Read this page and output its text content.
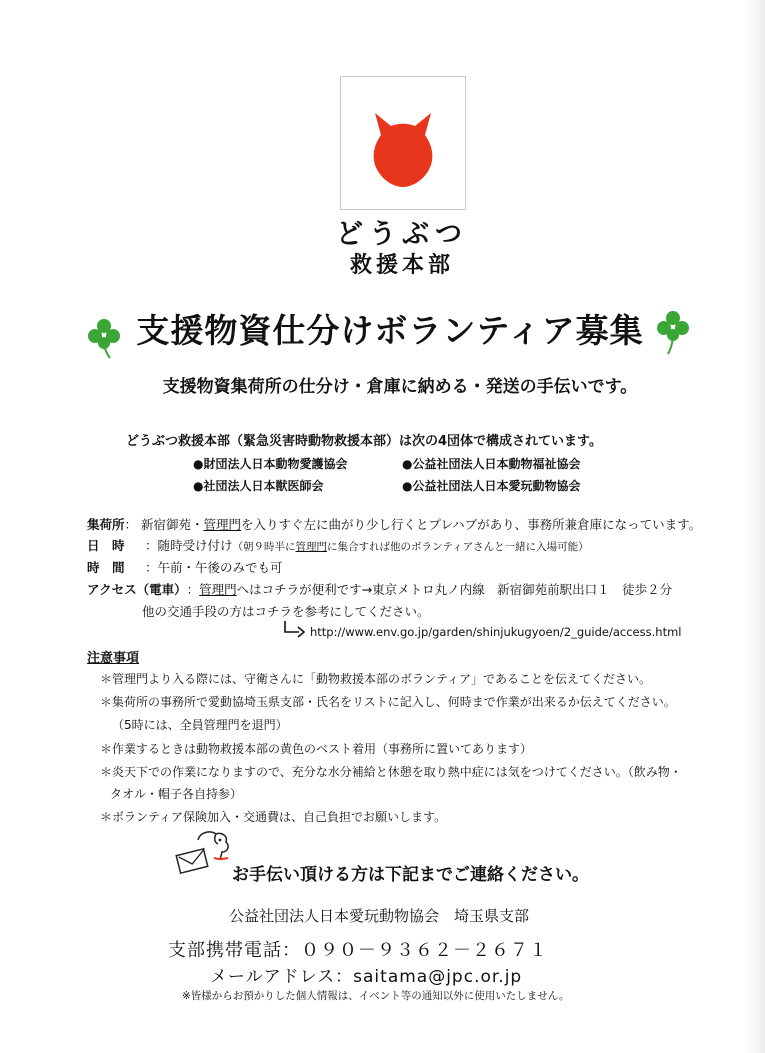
どうぶつ
救援本部
支援物資仕分けボランティア募集
支援物資集荷所の仕分け・倉庫に納める・発送の手伝いです。
どうぶつ救援本部（緊急災害時動物救援本部）は次の4団体で構成されています。
●財団法人日本動物愛護協会	●公益社団法人日本動物福祉協会
●社団法人日本獣医師会	●公益社団法人日本愛玩動物協会
集荷所： 新宿御苑・管理門を入りすぐ左に曲がり少し行くとプレハブがあり、事務所兼倉庫になっています。
日　時 ：随時受け付け（朝９時半に管理門に集合すれば他のボランティアさんと一緒に入場可能）
時　間 ：午前・午後のみでも可
アクセス（電車）：管理門へはコチラが便利です→東京メトロ丸ノ内線　新宿御苑前駅出口１　徒歩２分
他の交通手段の方はコチラを参考にしてください。
http://www.env.go.jp/garden/shinjukugyoen/2_guide/access.html
注意事項
＊管理門より入る際には、守衛さんに「動物救援本部のボランティア」であることを伝えてください。
＊集荷所の事務所で愛動協埼玉県支部・氏名をリストに記入し、何時まで作業が出来るか伝えてください。
（5時には、全員管理門を退門）
＊作業するときは動物救援本部の黄色のベスト着用（事務所に置いてあります）
＊炎天下での作業になりますので、充分な水分補給と休憩を取り熱中症には気をつけてください。（飲み物・
タオル・帽子各自持参）
＊ボランティア保険加入・交通費は、自己負担でお願いします。
お手伝い頂ける方は下記までご連絡ください。
公益社団法人日本愛玩動物協会　埼玉県支部
支部携帯電話：０９０－９３６２－２６７１
メールアドレス：saitama@jpc.or.jp
※皆様からお預かりした個人情報は、イベント等の通知以外に使用いたしません。
